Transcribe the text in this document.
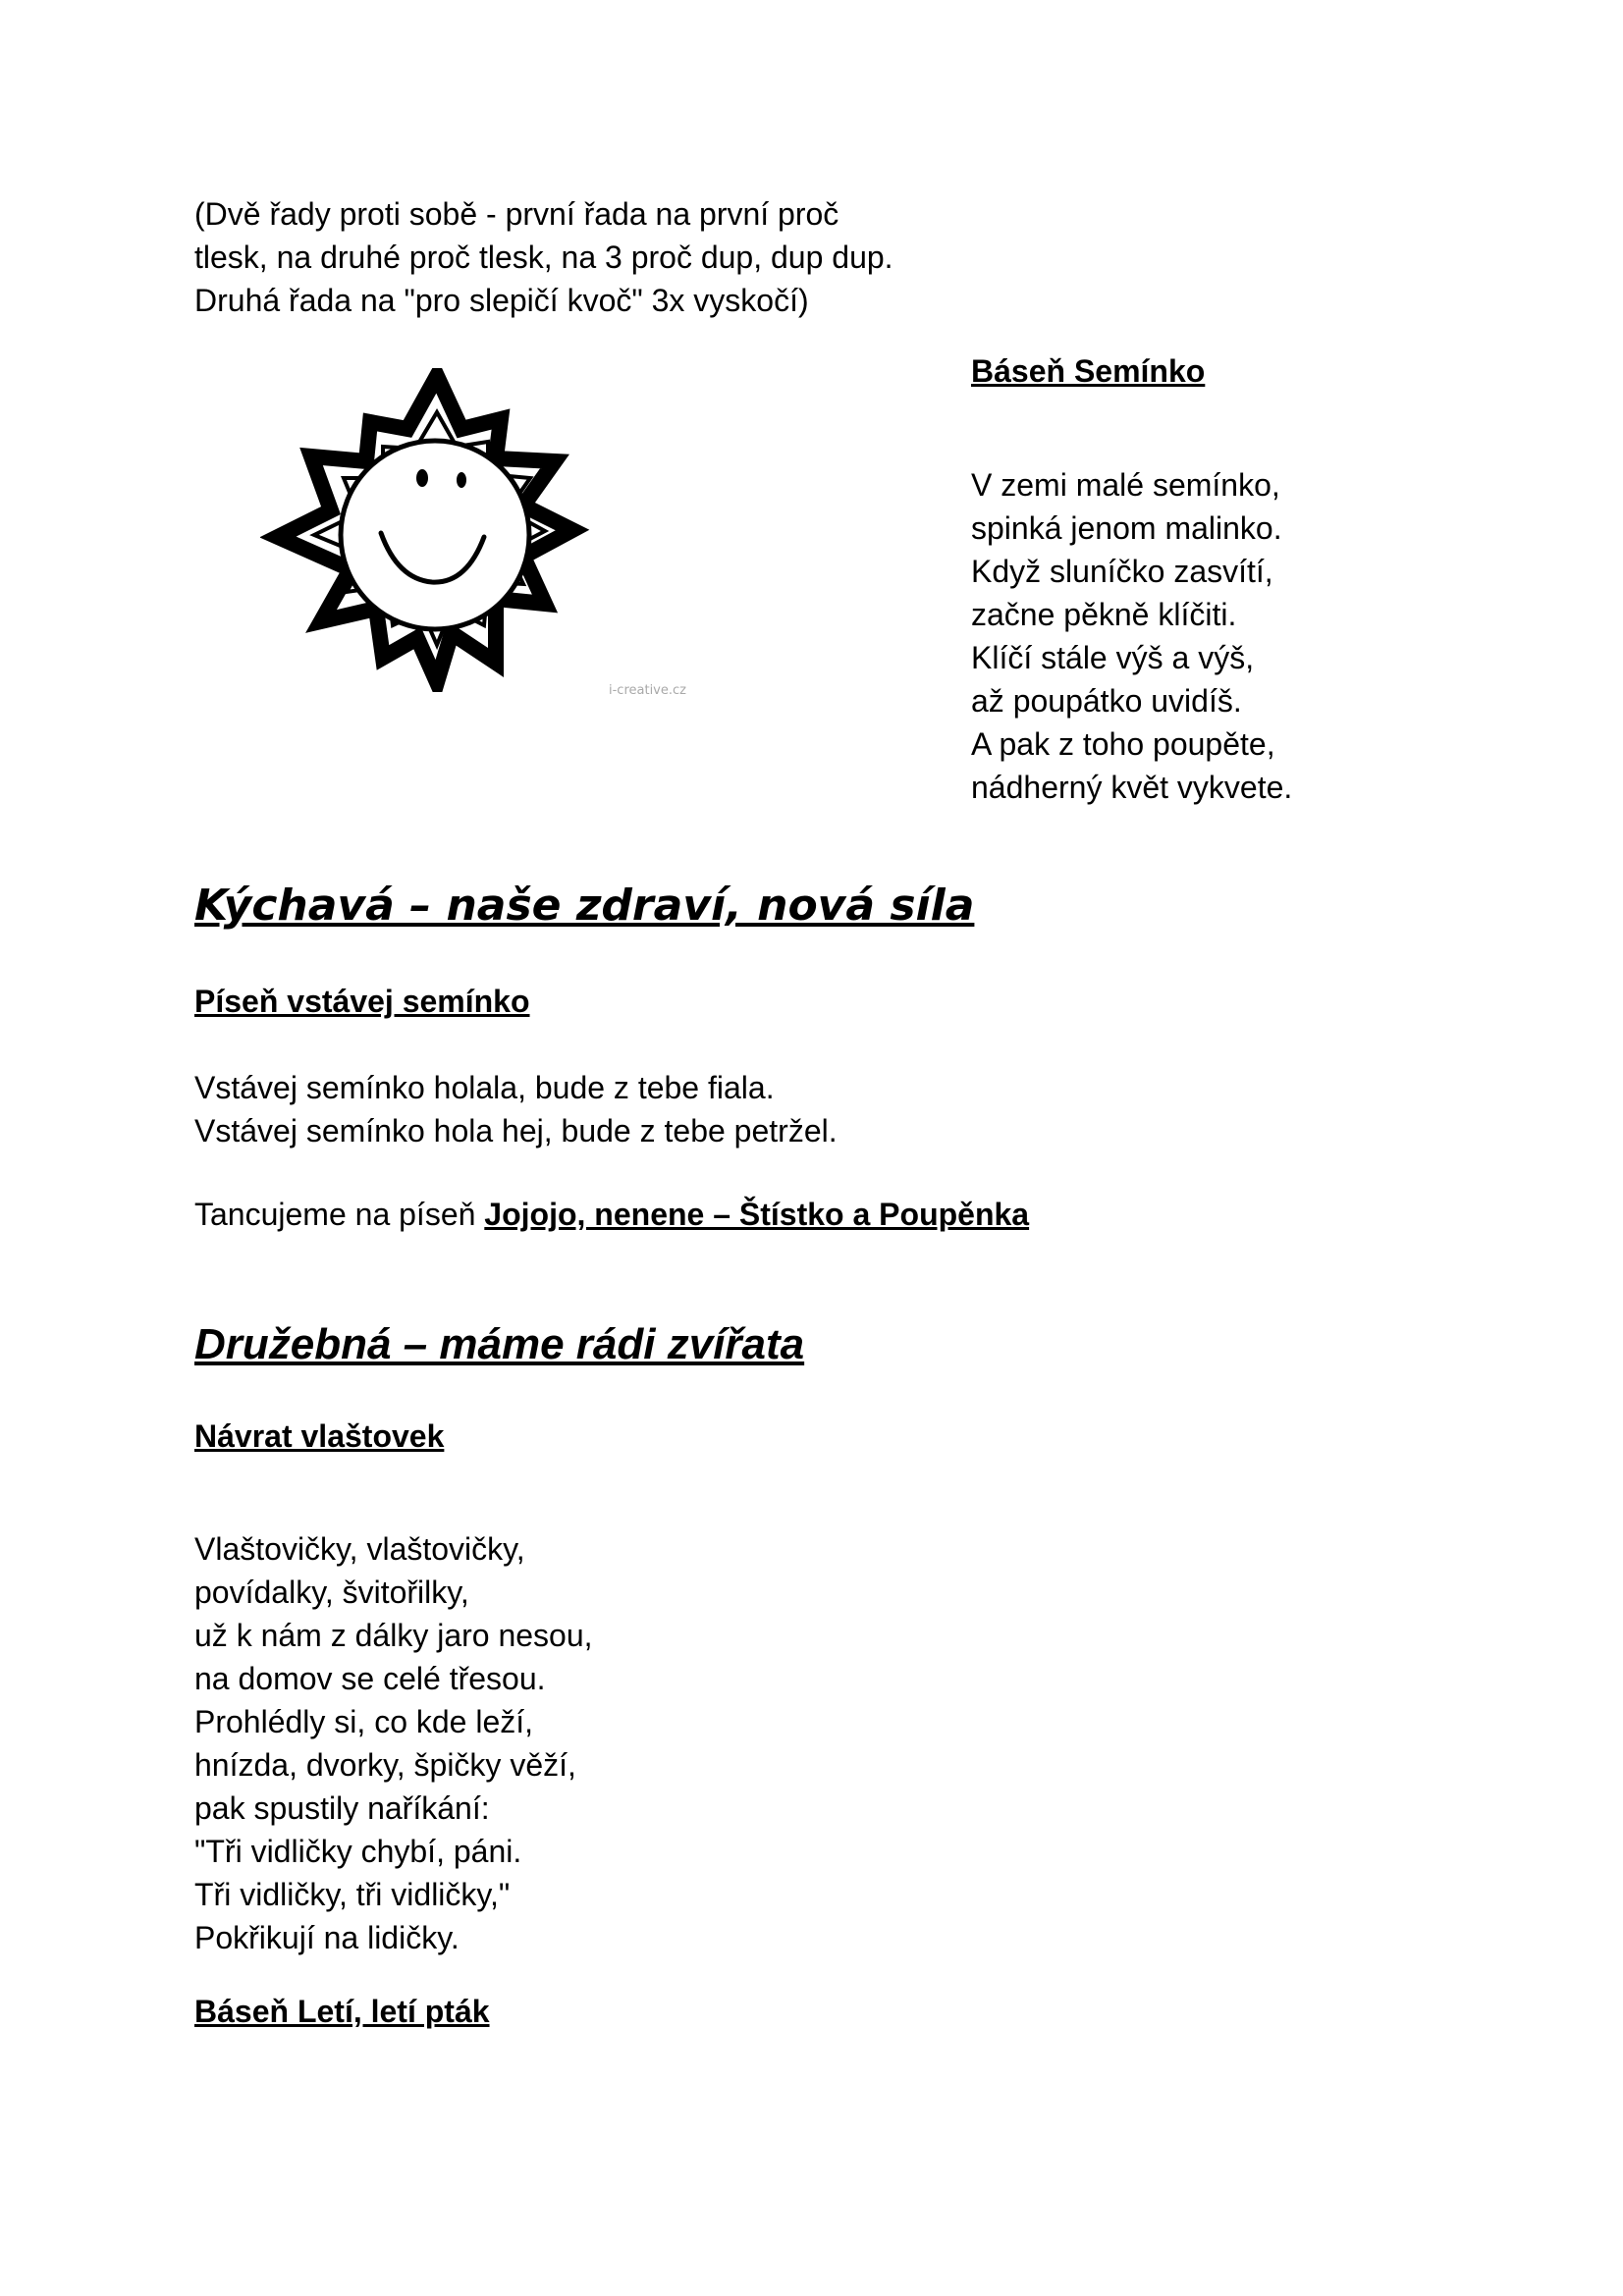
(Dvě řady proti sobě - první řada na první proč
tlesk, na druhé proč tlesk, na 3 proč dup, dup dup.
Druhá řada na "pro slepičí kvoč" 3x vyskočí)
i-creative.cz
Báseň Semínko
V zemi malé semínko,
spinká jenom malinko.
Když sluníčko zasvítí,
začne pěkně klíčiti.
Klíčí stále výš a výš,
až poupátko uvidíš.
A pak z toho poupěte,
nádherný květ vykvete.
Kýchavá – naše zdraví, nová síla
Píseň vstávej semínko
Vstávej semínko holala, bude z tebe fiala.
Vstávej semínko hola hej, bude z tebe petržel.
Tancujeme na píseň Jojojo, nenene – Štístko a Poupěnka
Družebná – máme rádi zvířata
Návrat vlaštovek
Vlaštovičky, vlaštovičky,
povídalky, švitořilky,
už k nám z dálky jaro nesou,
na domov se celé třesou.
Prohlédly si, co kde leží,
hnízda, dvorky, špičky věží,
pak spustily naříkání:
"Tři vidličky chybí, páni.
Tři vidličky, tři vidličky,"
Pokřikují na lidičky.
Báseň Letí, letí pták
